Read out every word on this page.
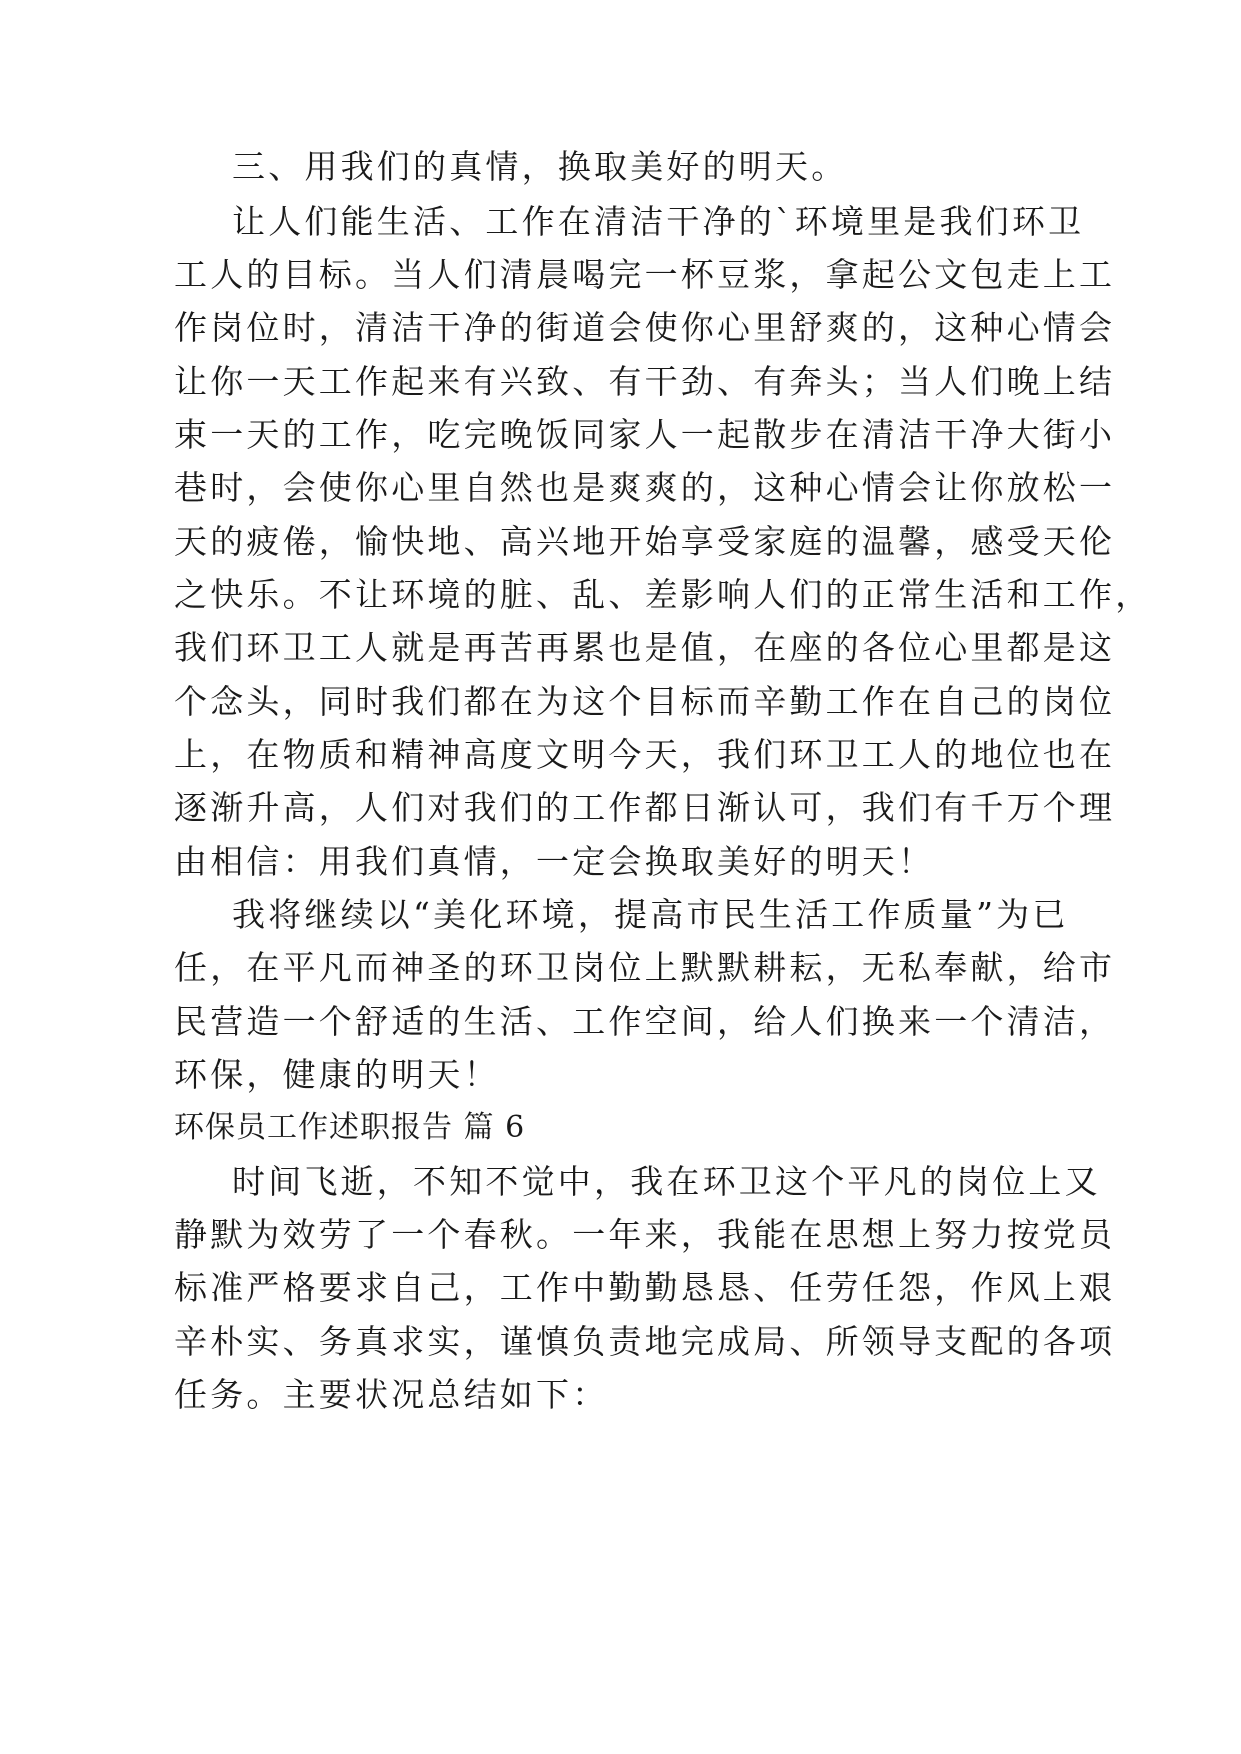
三、用我们的真情，换取美好的明天。
让人们能生活、工作在清洁干净的`环境里是我们环卫
工人的目标。当人们清晨喝完一杯豆浆，拿起公文包走上工
作岗位时，清洁干净的街道会使你心里舒爽的，这种心情会
让你一天工作起来有兴致、有干劲、有奔头；当人们晚上结
束一天的工作，吃完晚饭同家人一起散步在清洁干净大街小
巷时，会使你心里自然也是爽爽的，这种心情会让你放松一
天的疲倦，愉快地、高兴地开始享受家庭的温馨，感受天伦
之快乐。不让环境的脏、乱、差影响人们的正常生活和工作，
我们环卫工人就是再苦再累也是值，在座的各位心里都是这
个念头，同时我们都在为这个目标而辛勤工作在自己的岗位
上，在物质和精神高度文明今天，我们环卫工人的地位也在
逐渐升高，人们对我们的工作都日渐认可，我们有千万个理
由相信：用我们真情，一定会换取美好的明天！
我将继续以“美化环境，提高市民生活工作质量”为已
任，在平凡而神圣的环卫岗位上默默耕耘，无私奉献，给市
民营造一个舒适的生活、工作空间，给人们换来一个清洁，
环保，健康的明天！
环保员工作述职报告 篇 6
时间飞逝，不知不觉中，我在环卫这个平凡的岗位上又
静默为效劳了一个春秋。一年来，我能在思想上努力按党员
标准严格要求自己，工作中勤勤恳恳、任劳任怨，作风上艰
辛朴实、务真求实，谨慎负责地完成局、所领导支配的各项
任务。主要状况总结如下：
